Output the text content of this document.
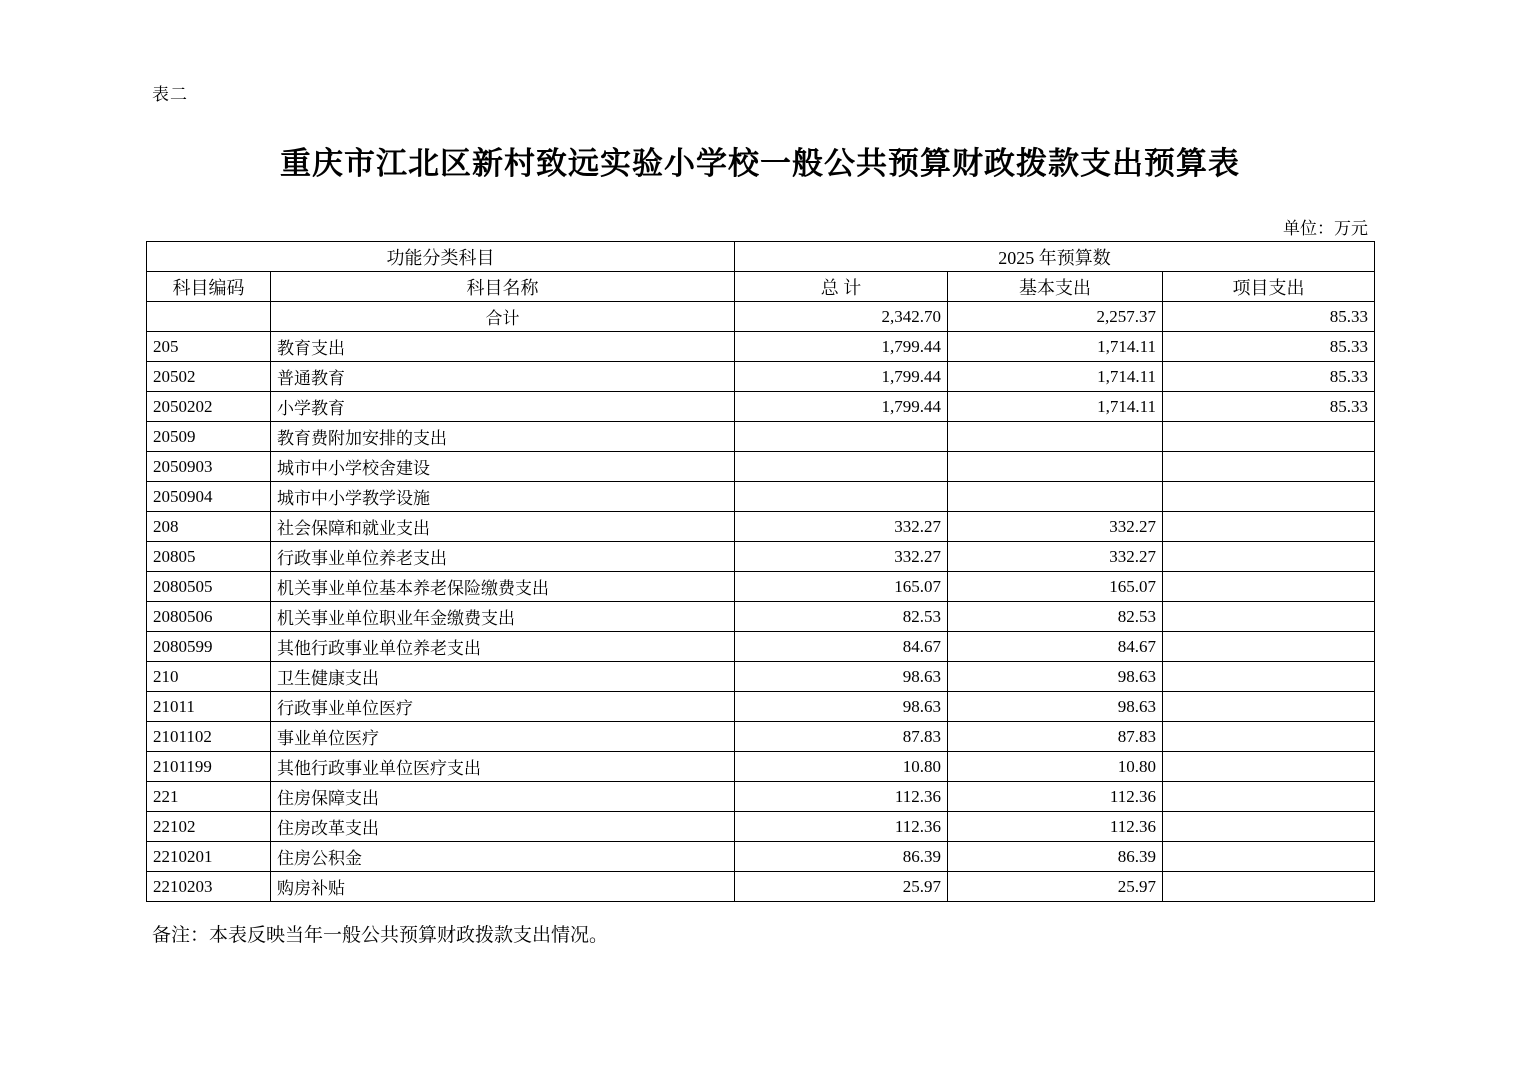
表二
重庆市江北区新村致远实验小学校一般公共预算财政拨款支出预算表
单位：万元
功能分类科目		2025 年预算数		
科目编码	科目名称	总 计	基本支出	项目支出
	合计	2,342.70	2,257.37	85.33
205	教育支出	1,799.44	1,714.11	85.33
20502	普通教育	1,799.44	1,714.11	85.33
2050202	小学教育	1,799.44	1,714.11	85.33
20509	教育费附加安排的支出			
2050903	城市中小学校舍建设			
2050904	城市中小学教学设施			
208	社会保障和就业支出	332.27	332.27	
20805	行政事业单位养老支出	332.27	332.27	
2080505	机关事业单位基本养老保险缴费支出	165.07	165.07	
2080506	机关事业单位职业年金缴费支出	82.53	82.53	
2080599	其他行政事业单位养老支出	84.67	84.67	
210	卫生健康支出	98.63	98.63	
21011	行政事业单位医疗	98.63	98.63	
2101102	事业单位医疗	87.83	87.83	
2101199	其他行政事业单位医疗支出	10.80	10.80	
221	住房保障支出	112.36	112.36	
22102	住房改革支出	112.36	112.36	
2210201	住房公积金	86.39	86.39	
2210203	购房补贴	25.97	25.97	
备注：本表反映当年一般公共预算财政拨款支出情况。
